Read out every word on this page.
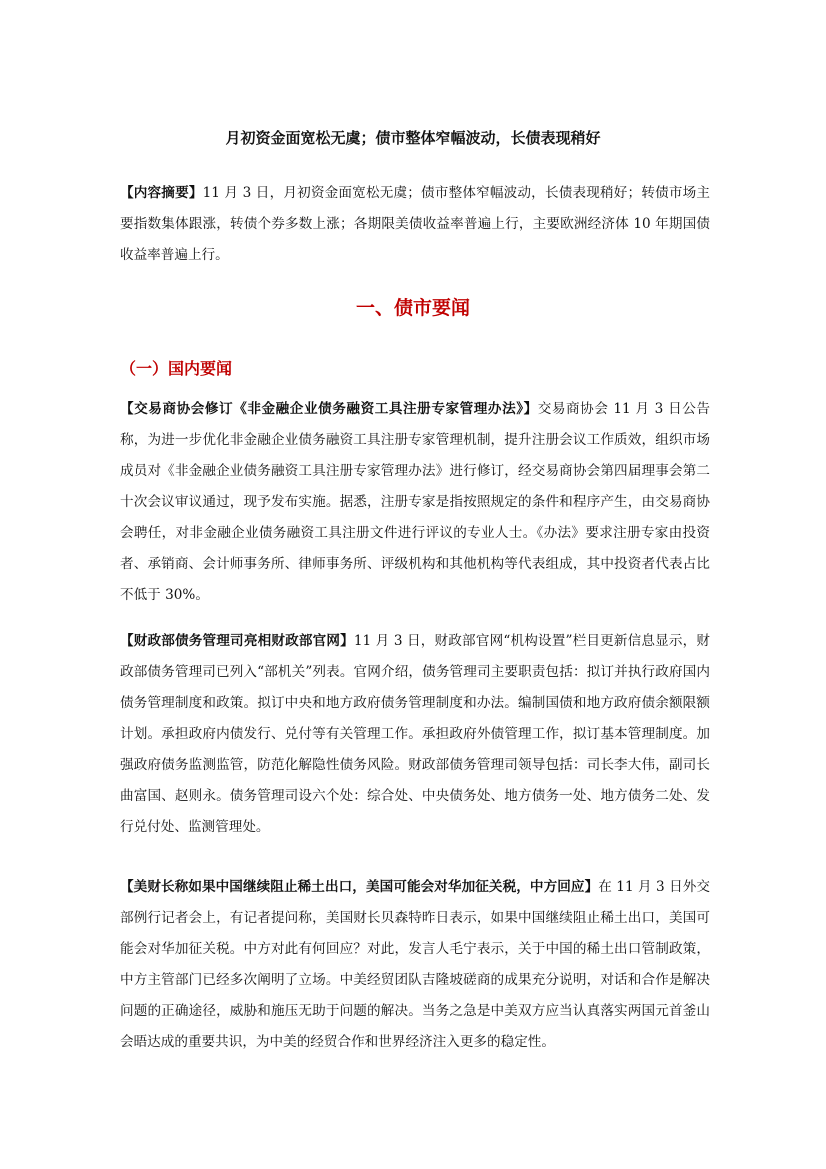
月初资金面宽松无虞；债市整体窄幅波动，长债表现稍好
【内容摘要】11 月 3 日，月初资金面宽松无虞；债市整体窄幅波动，长债表现稍好；转债市场主要指数集体跟涨，转债个券多数上涨；各期限美债收益率普遍上行，主要欧洲经济体 10 年期国债收益率普遍上行。
一、债市要闻
（一）国内要闻
【交易商协会修订《非金融企业债务融资工具注册专家管理办法》】交易商协会 11 月 3 日公告称，为进一步优化非金融企业债务融资工具注册专家管理机制，提升注册会议工作质效，组织市场成员对《非金融企业债务融资工具注册专家管理办法》进行修订，经交易商协会第四届理事会第二十次会议审议通过，现予发布实施。据悉，注册专家是指按照规定的条件和程序产生，由交易商协会聘任，对非金融企业债务融资工具注册文件进行评议的专业人士。《办法》要求注册专家由投资者、承销商、会计师事务所、律师事务所、评级机构和其他机构等代表组成，其中投资者代表占比不低于 30%。
【财政部债务管理司亮相财政部官网】11 月 3 日，财政部官网“机构设置”栏目更新信息显示，财政部债务管理司已列入“部机关”列表。官网介绍，债务管理司主要职责包括：拟订并执行政府国内债务管理制度和政策。拟订中央和地方政府债务管理制度和办法。编制国债和地方政府债余额限额计划。承担政府内债发行、兑付等有关管理工作。承担政府外债管理工作，拟订基本管理制度。加强政府债务监测监管，防范化解隐性债务风险。财政部债务管理司领导包括：司长李大伟，副司长曲富国、赵则永。债务管理司设六个处：综合处、中央债务处、地方债务一处、地方债务二处、发行兑付处、监测管理处。
【美财长称如果中国继续阻止稀土出口，美国可能会对华加征关税，中方回应】在 11 月 3 日外交部例行记者会上，有记者提问称，美国财长贝森特昨日表示，如果中国继续阻止稀土出口，美国可能会对华加征关税。中方对此有何回应？对此，发言人毛宁表示，关于中国的稀土出口管制政策，中方主管部门已经多次阐明了立场。中美经贸团队吉隆坡磋商的成果充分说明，对话和合作是解决问题的正确途径，威胁和施压无助于问题的解决。当务之急是中美双方应当认真落实两国元首釜山会晤达成的重要共识，为中美的经贸合作和世界经济注入更多的稳定性。
